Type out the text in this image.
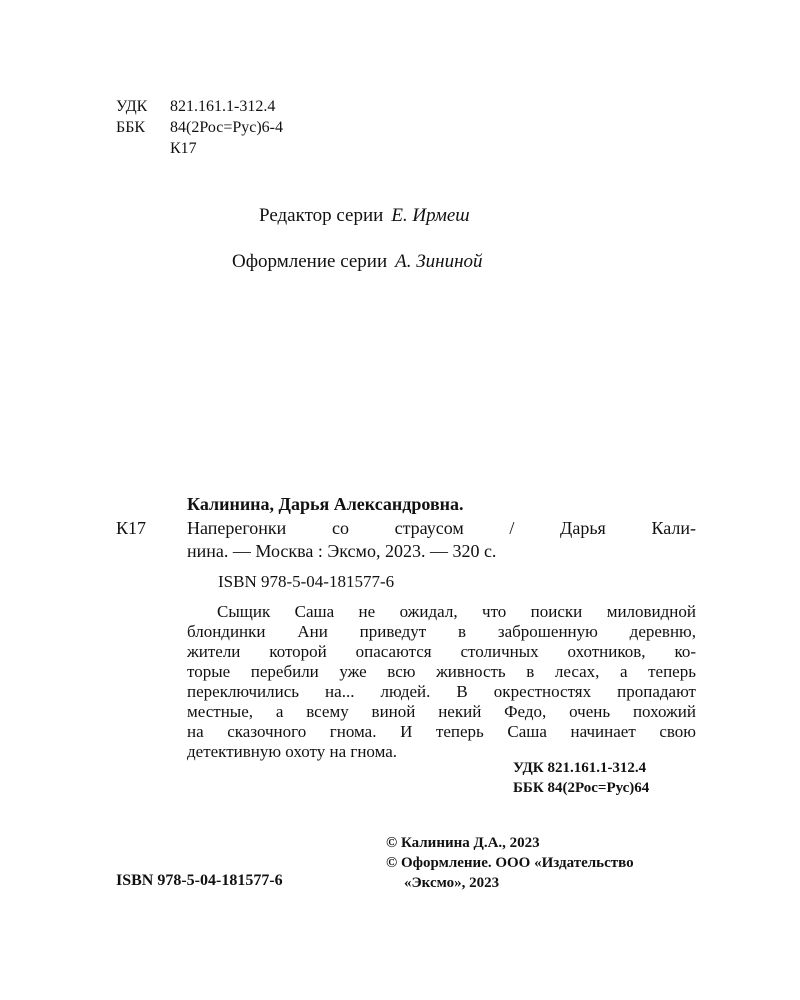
УДК 821.161.1-312.4
ББК 84(2Рос=Рус)6-4
К17
Редактор серии Е. Ирмеш
Оформление серии А. Зининой
Калинина, Дарья Александровна.
К17 Наперегонки со страусом / Дарья Кали-
нина. — Москва : Эксмо, 2023. — 320 с.
ISBN 978-5-04-181577-6
Сыщик Саша не ожидал, что поиски миловидной
блондинки Ани приведут в заброшенную деревню,
жители которой опасаются столичных охотников, ко-
торые перебили уже всю живность в лесах, а теперь
переключились на... людей. В окрестностях пропадают
местные, а всему виной некий Федо, очень похожий
на сказочного гнома. И теперь Саша начинает свою
детективную охоту на гнома.
УДК 821.161.1-312.4
ББК 84(2Рос=Рус)64
ISBN 978-5-04-181577-6
© Калинина Д.А., 2023
© Оформление. ООО «Издательство
«Эксмо», 2023
